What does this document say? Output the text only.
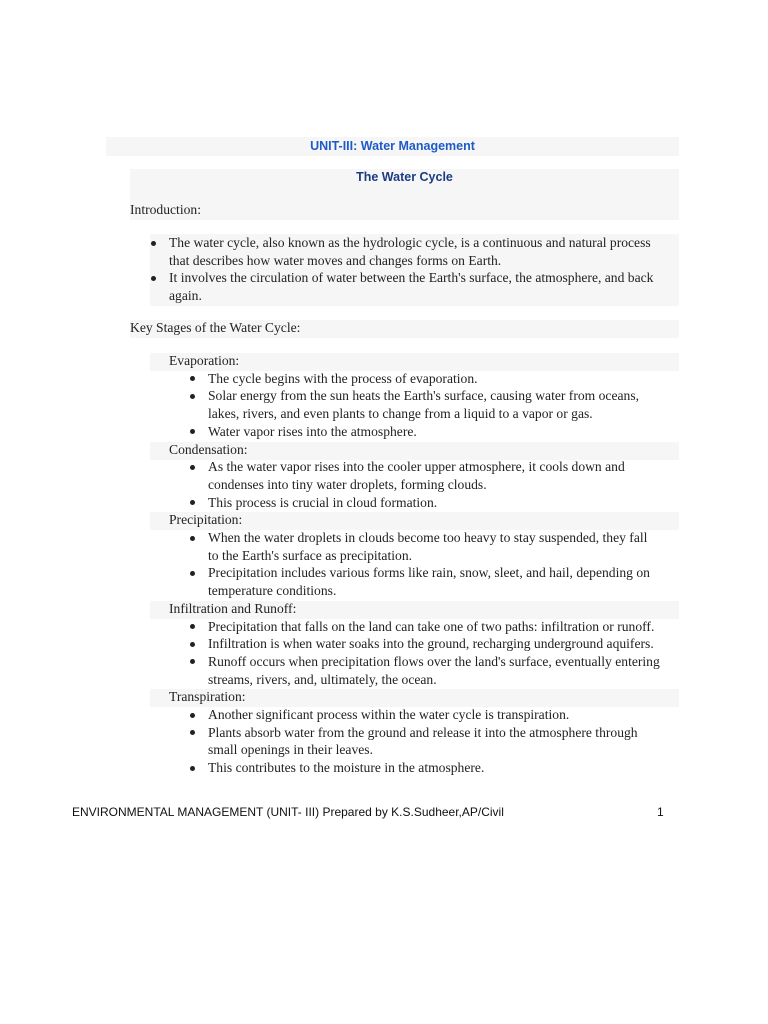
UNIT-III: Water Management
The Water Cycle
Introduction:
The water cycle, also known as the hydrologic cycle, is a continuous and natural process
that describes how water moves and changes forms on Earth.
It involves the circulation of water between the Earth's surface, the atmosphere, and back
again.
Key Stages of the Water Cycle:
Evaporation:
The cycle begins with the process of evaporation.
Solar energy from the sun heats the Earth's surface, causing water from oceans,
lakes, rivers, and even plants to change from a liquid to a vapor or gas.
Water vapor rises into the atmosphere.
Condensation:
As the water vapor rises into the cooler upper atmosphere, it cools down and
condenses into tiny water droplets, forming clouds.
This process is crucial in cloud formation.
Precipitation:
When the water droplets in clouds become too heavy to stay suspended, they fall
to the Earth's surface as precipitation.
Precipitation includes various forms like rain, snow, sleet, and hail, depending on
temperature conditions.
Infiltration and Runoff:
Precipitation that falls on the land can take one of two paths: infiltration or runoff.
Infiltration is when water soaks into the ground, recharging underground aquifers.
Runoff occurs when precipitation flows over the land's surface, eventually entering
streams, rivers, and, ultimately, the ocean.
Transpiration:
Another significant process within the water cycle is transpiration.
Plants absorb water from the ground and release it into the atmosphere through
small openings in their leaves.
This contributes to the moisture in the atmosphere.
ENVIRONMENTAL MANAGEMENT (UNIT- III) Prepared by K.S.Sudheer,AP/Civil	1
